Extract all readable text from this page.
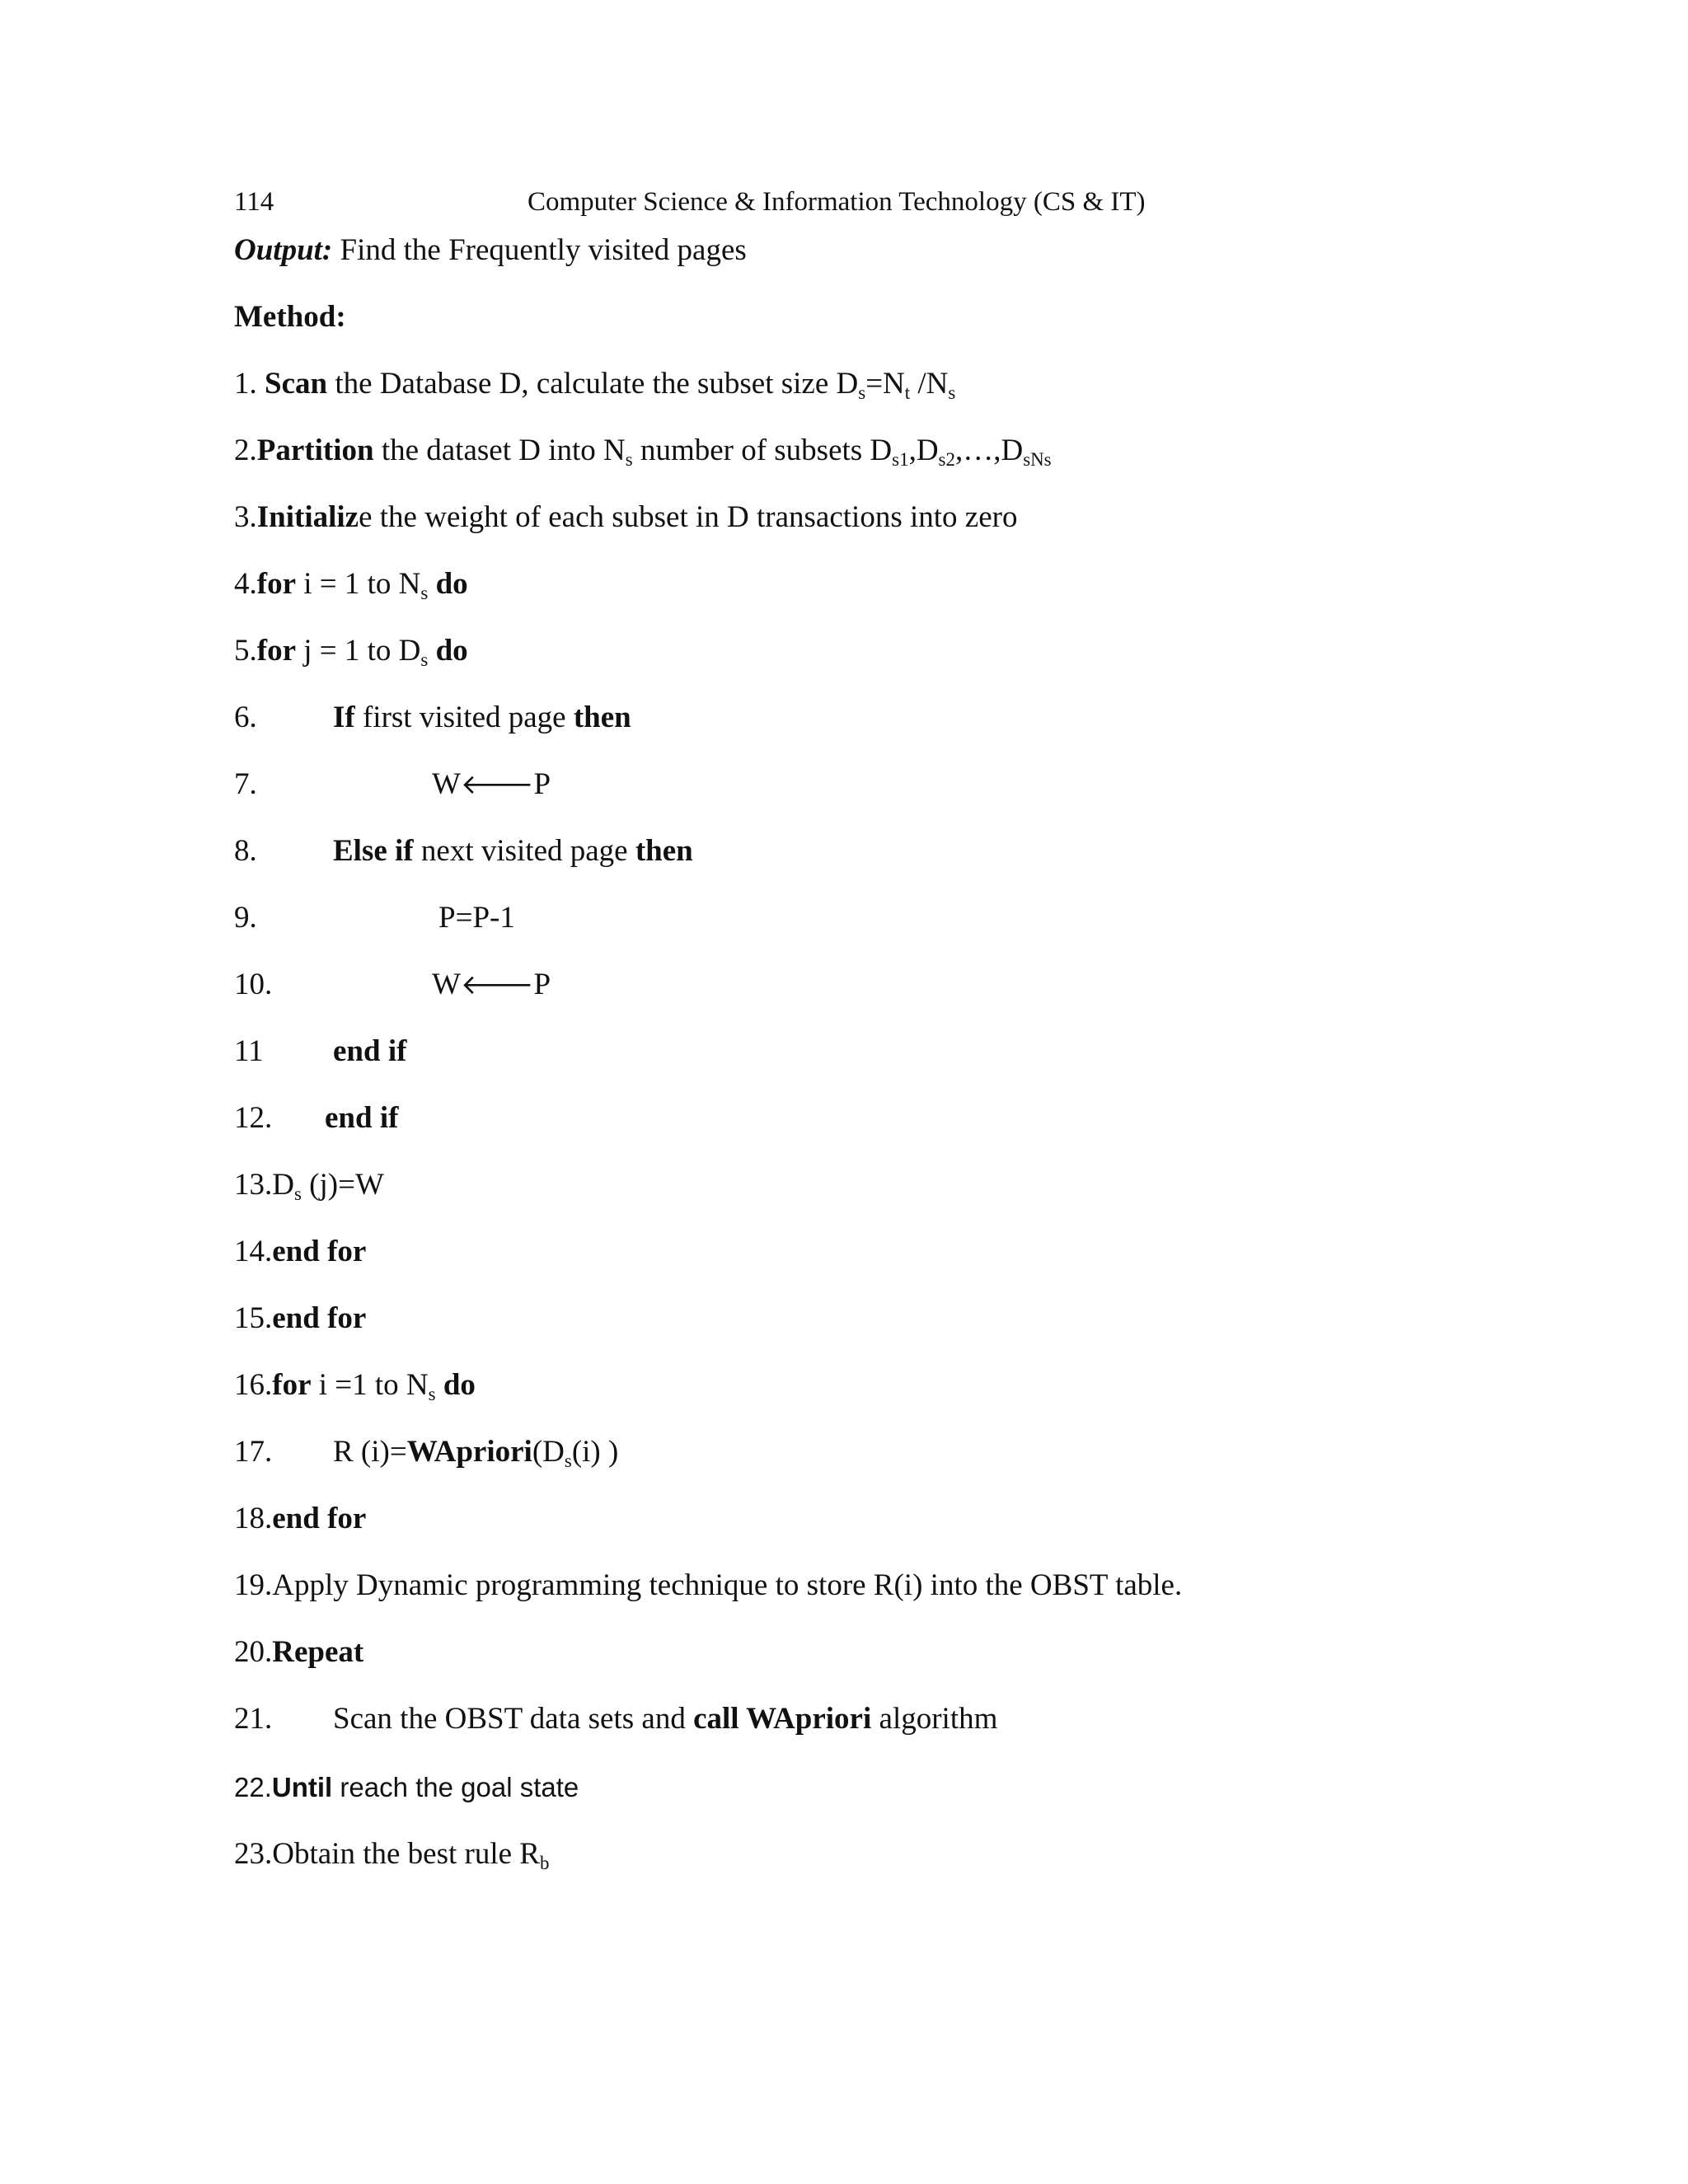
114	Computer Science & Information Technology (CS & IT)
Output: Find the Frequently visited pages
Method:
1. Scan the Database D, calculate the subset size $D_s=N_t$ $/N_s$
2.Partition the dataset D into $N_s$ number of subsets $D_{s1},D_{s2},\dots,D_{sNs}$
3.Initialize the weight of each subset in D transactions into zero
4.for i = 1 to $N_s$ do
5.for j = 1 to $D_s$ do
6. If first visited page then
7.	W🡐P
8. Else if next visited page then
9.	P=P-1
10.	W🡐P
11 end if
12. end if
$13.D_s$ (j)=W
14.end for
15.end for
16.for i =1 to $N_s$ do
17. R $(i)=WApriori(D_s(i)$ )
18.end for
19.Apply Dynamic programming technique to store R(i) into the OBST table.
20.Repeat
21. Scan the OBST data sets and call WApriori algorithm
22.Until reach the goal state
23.Obtain the best rule $R_b$
